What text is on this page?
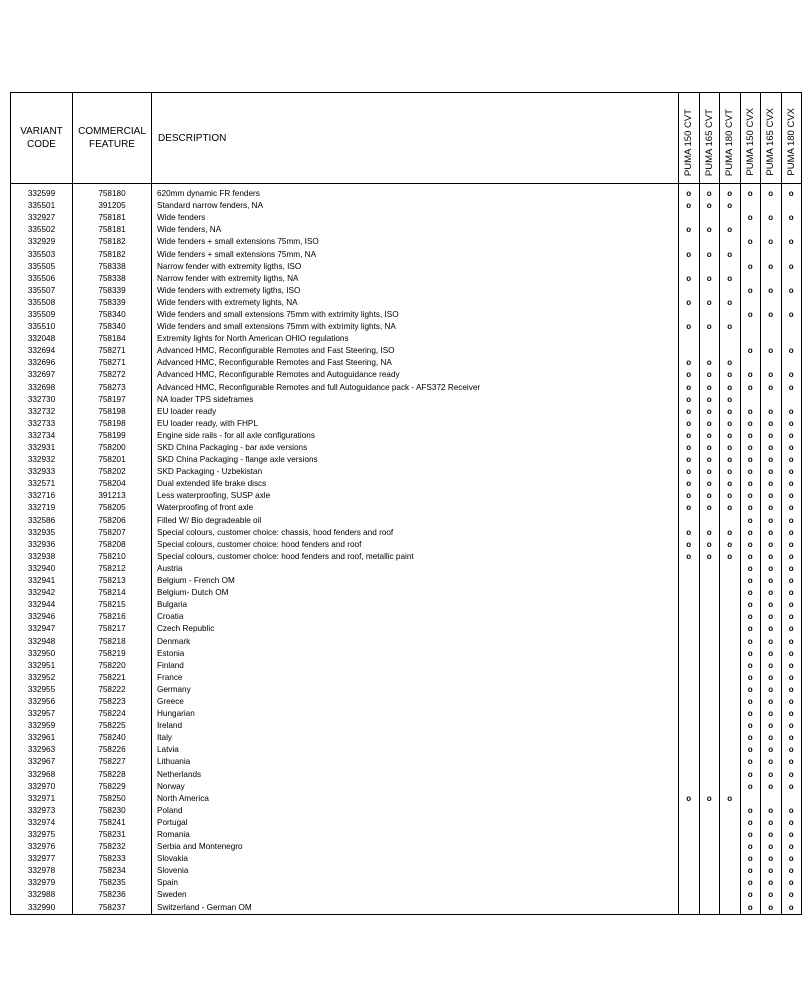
VARIANT
CODE	COMMERCIAL
FEATURE	DESCRIPTION	PUMA 150 CVT	PUMA 165 CVT	PUMA 180 CVT	PUMA 150 CVX	PUMA 165 CVX	PUMA 180 CVX

332599	758180	620mm dynamic FR fenders	o	o	o	o	o	o
335501	391205	Standard narrow fenders, NA	o	o	o			
332927	758181	Wide fenders				o	o	o
335502	758181	Wide fenders, NA	o	o	o			
332929	758182	Wide fenders + small extensions 75mm, ISO				o	o	o
335503	758182	Wide fenders + small extensions 75mm, NA	o	o	o			
335505	758338	Narrow fender with extremity ligths, ISO				o	o	o
335506	758338	Narrow fender with extremity ligths, NA	o	o	o			
335507	758339	Wide fenders with extremety ligths, ISO				o	o	o
335508	758339	Wide fenders with extremety lights, NA	o	o	o			
335509	758340	Wide fenders and small extensions 75mm with extrimity lights, ISO				o	o	o
335510	758340	Wide fenders and small extensions 75mm with extrimity lights, NA	o	o	o			
332048	758184	Extremity lights for North American OHIO regulations						
332694	758271	Advanced HMC, Reconfigurable Remotes and Fast Steering, ISO				o	o	o
332696	758271	Advanced HMC, Reconfigurable Remotes and Fast Steering, NA	o	o	o			
332697	758272	Advanced HMC, Reconfigurable Remotes and Autoguidance ready	o	o	o	o	o	o
332698	758273	Advanced HMC, Reconfigurable Remotes and full Autoguidance pack - AFS372 Receiver	o	o	o	o	o	o
332730	758197	NA loader TPS sideframes	o	o	o			
332732	758198	EU loader ready	o	o	o	o	o	o
332733	758198	EU loader ready, with FHPL	o	o	o	o	o	o
332734	758199	Engine side rails - for all axle configurations	o	o	o	o	o	o
332931	758200	SKD China Packaging - bar axle versions	o	o	o	o	o	o
332932	758201	SKD China Packaging - flange axle versions	o	o	o	o	o	o
332933	758202	SKD Packaging - Uzbekistan	o	o	o	o	o	o
332571	758204	Dual extended life brake discs	o	o	o	o	o	o
332716	391213	Less waterproofing, SUSP axle	o	o	o	o	o	o
332719	758205	Waterproofing of front axle	o	o	o	o	o	o
332586	758206	Filled W/ Bio degradeable oil				o	o	o
332935	758207	Special colours, customer choice: chassis, hood fenders and roof	o	o	o	o	o	o
332936	758208	Special colours, customer choice: hood fenders and roof	o	o	o	o	o	o
332938	758210	Special colours, customer choice: hood fenders and roof, metallic paint	o	o	o	o	o	o
332940	758212	Austria				o	o	o
332941	758213	Belgium - French OM				o	o	o
332942	758214	Belgium- Dutch OM				o	o	o
332944	758215	Bulgaria				o	o	o
332946	758216	Croatia				o	o	o
332947	758217	Czech Republic				o	o	o
332948	758218	Denmark				o	o	o
332950	758219	Estonia				o	o	o
332951	758220	Finland				o	o	o
332952	758221	France				o	o	o
332955	758222	Germany				o	o	o
332956	758223	Greece				o	o	o
332957	758224	Hungarian				o	o	o
332959	758225	Ireland				o	o	o
332961	758240	Italy				o	o	o
332963	758226	Latvia				o	o	o
332967	758227	Lithuania				o	o	o
332968	758228	Netherlands				o	o	o
332970	758229	Norway				o	o	o
332971	758250	North America	o	o	o			
332973	758230	Poland				o	o	o
332974	758241	Portugal				o	o	o
332975	758231	Romania				o	o	o
332976	758232	Serbia and Montenegro				o	o	o
332977	758233	Slovakia				o	o	o
332978	758234	Slovenia				o	o	o
332979	758235	Spain				o	o	o
332988	758236	Sweden				o	o	o
332990	758237	Switzerland - German OM				o	o	o
